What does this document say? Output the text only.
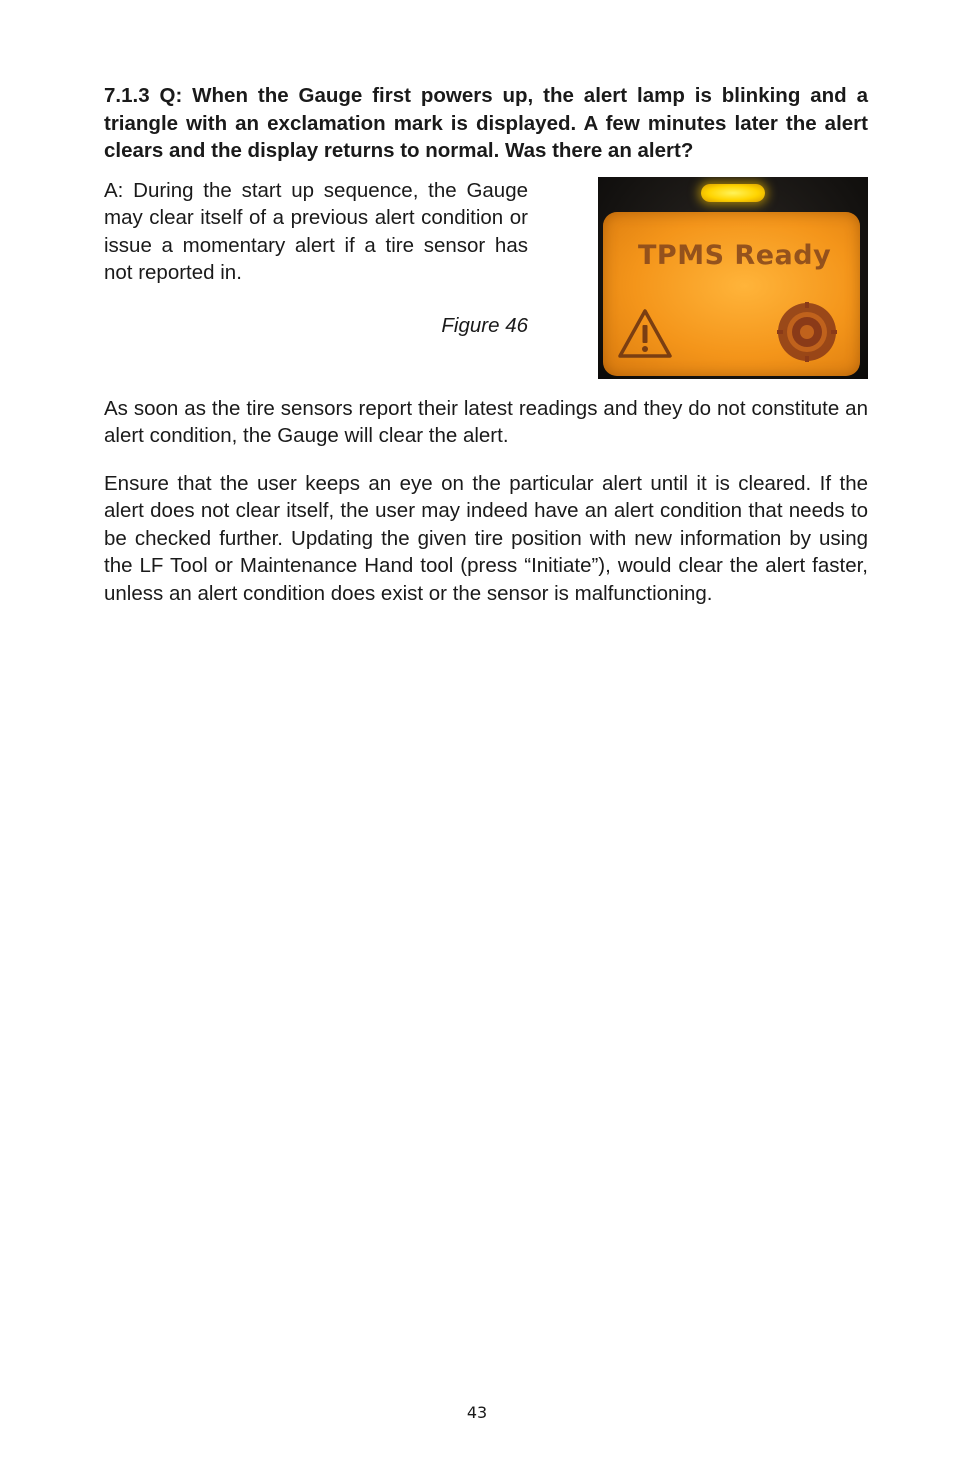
7.1.3 Q: When the Gauge first powers up, the alert lamp is blinking and a triangle with an exclamation mark is displayed. A few minutes later the alert clears and the display returns to normal. Was there an alert?

A: During the start up sequence, the Gauge may clear itself of a previous alert condition or issue a momentary alert if a tire sensor has not reported in.

Figure 46

TPMS Ready

As soon as the tire sensors report their latest readings and they do not constitute an alert condition, the Gauge will clear the alert.

Ensure that the user keeps an eye on the particular alert until it is cleared. If the alert does not clear itself, the user may indeed have an alert condition that needs to be checked further. Updating the given tire position with new information by using the LF Tool or Maintenance Hand tool (press “Initiate”), would clear the alert faster, unless an alert condition does exist or the sensor is malfunctioning.

43
